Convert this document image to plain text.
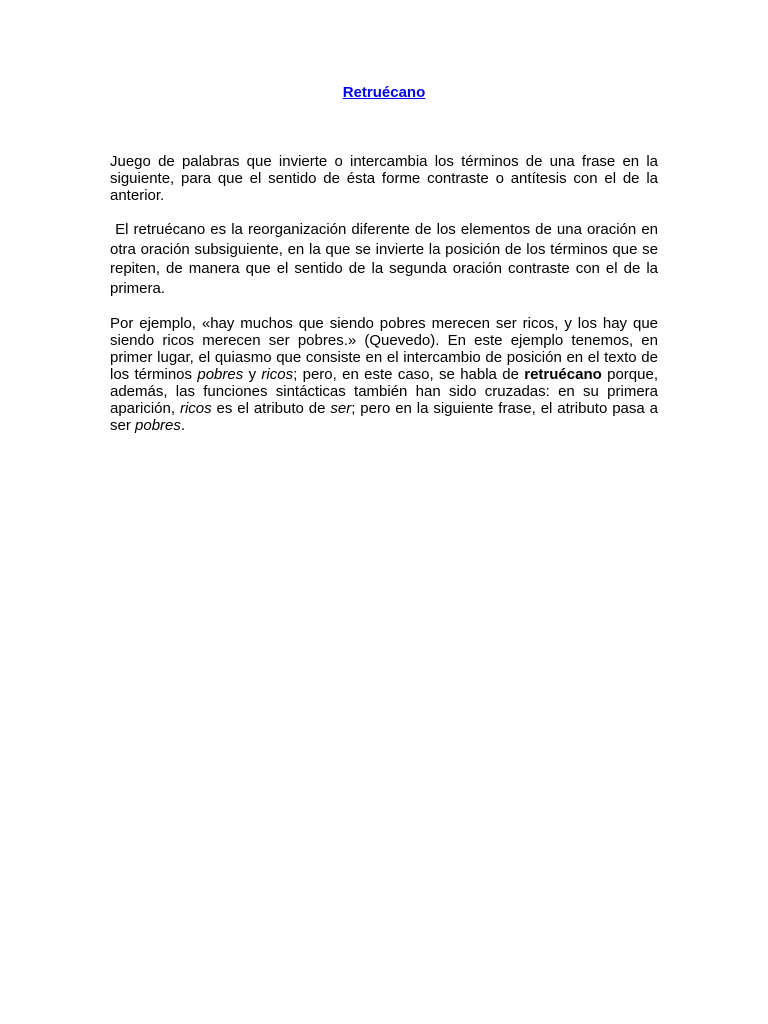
Retruécano

Juego de palabras que invierte o intercambia los términos de una frase en la siguiente, para que el sentido de ésta forme contraste o antítesis con el de la anterior.

El retruécano es la reorganización diferente de los elementos de una oración en otra oración subsiguiente, en la que se invierte la posición de los términos que se repiten, de manera que el sentido de la segunda oración contraste con el de la primera.

Por ejemplo, «hay muchos que siendo pobres merecen ser ricos, y los hay que siendo ricos merecen ser pobres.» (Quevedo). En este ejemplo tenemos, en primer lugar, el quiasmo que consiste en el intercambio de posición en el texto de los términos pobres y ricos; pero, en este caso, se habla de retruécano porque, además, las funciones sintácticas también han sido cruzadas: en su primera aparición, ricos es el atributo de ser; pero en la siguiente frase, el atributo pasa a ser pobres.
